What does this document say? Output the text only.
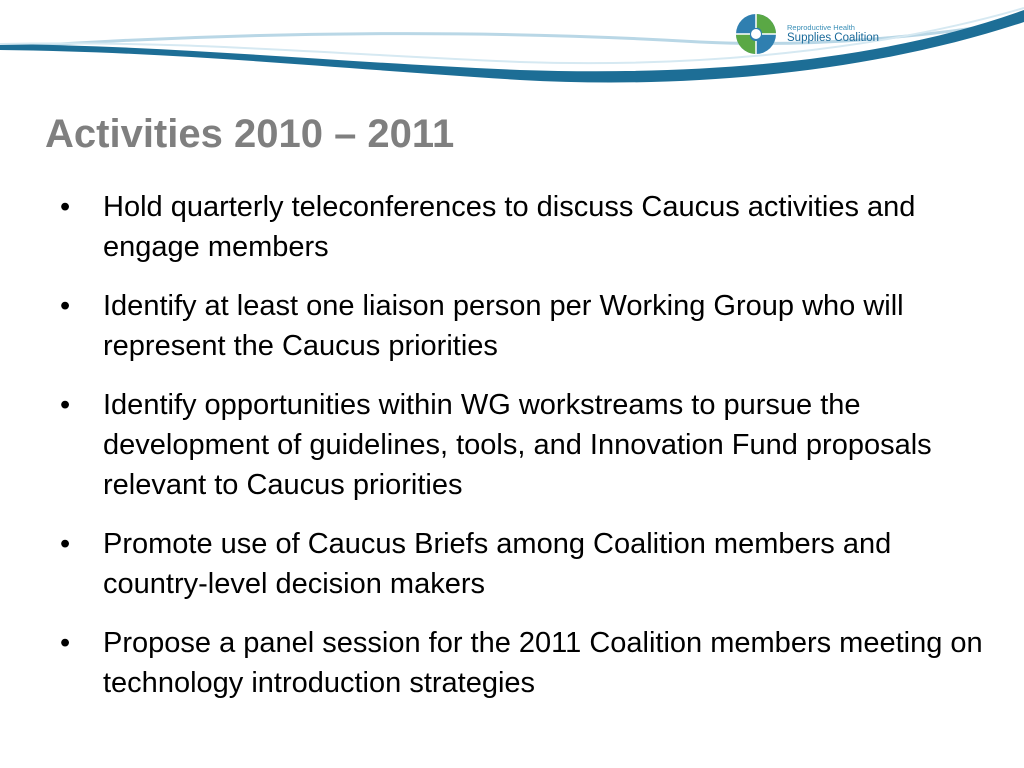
Reproductive Health
Supplies Coalition
Activities 2010 – 2011
•	Hold quarterly teleconferences to discuss Caucus activities and engage members
•	Identify at least one liaison person per Working Group who will represent the Caucus priorities
•	Identify opportunities within WG workstreams to pursue the development of guidelines, tools, and Innovation Fund proposals relevant to Caucus priorities
•	Promote use of Caucus Briefs among Coalition members and country-level decision makers
•	Propose a panel session for the 2011 Coalition members meeting on technology introduction strategies
